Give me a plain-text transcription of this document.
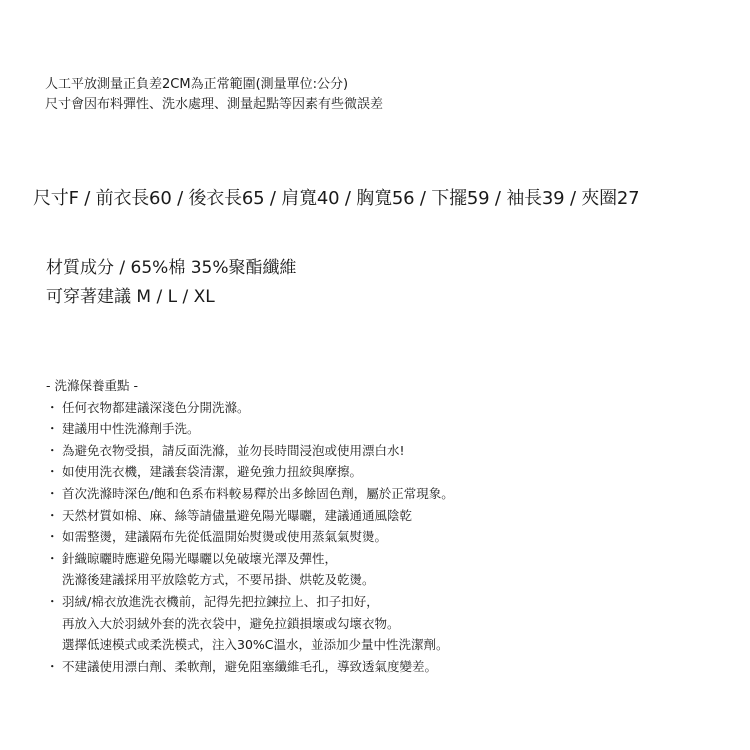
人工平放測量正負差2CM為正常範圍(測量單位:公分)
尺寸會因布料彈性、洗水處理、測量起點等因素有些微誤差
尺寸F / 前衣長60 / 後衣長65 / 肩寬40 / 胸寬56 / 下擺59 / 袖長39 / 夾圈27
材質成分 / 65%棉 35%聚酯纖維
可穿著建議 M / L / XL
- 洗滌保養重點 -
・ 任何衣物都建議深淺色分開洗滌。
・ 建議用中性洗滌劑手洗。
・ 為避免衣物受損，請反面洗滌，並勿長時間浸泡或使用漂白水!
・ 如使用洗衣機，建議套袋清潔，避免強力扭絞與摩擦。
・ 首次洗滌時深色/飽和色系布料較易釋於出多餘固色劑，屬於正常現象。
・ 天然材質如棉、麻、絲等請儘量避免陽光曝曬，建議通通風陰乾
・ 如需整燙，建議隔布先從低溫開始熨燙或使用蒸氣氣熨燙。
・ 針織晾曬時應避免陽光曝曬以免破壞光澤及彈性，
洗滌後建議採用平放陰乾方式，不要吊掛、烘乾及乾燙。
・ 羽絨/棉衣放進洗衣機前，記得先把拉鍊拉上、扣子扣好，
再放入大於羽絨外套的洗衣袋中，避免拉鎖損壞或勾壞衣物。
選擇低速模式或柔洗模式，注入30%C溫水，並添加少量中性洗潔劑。
・ 不建議使用漂白劑、柔軟劑，避免阻塞纖維毛孔，導致透氣度變差。
